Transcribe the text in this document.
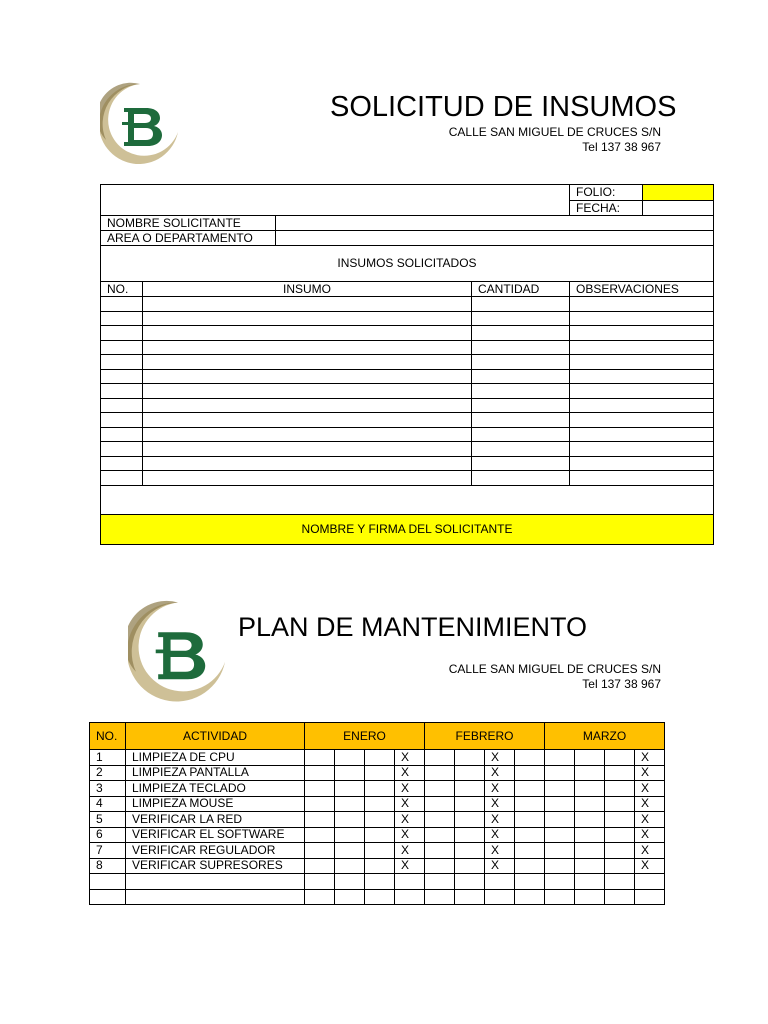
SOLICITUD DE INSUMOS
CALLE SAN MIGUEL DE CRUCES S/N
Tel 137 38 967
				FOLIO:	
				FECHA:	
NOMBRE SOLICITANTE					
AREA O DEPARTAMENTO					
INSUMOS SOLICITADOS					
NO.	INSUMO		CANTIDAD	OBSERVACIONES	

NOMBRE Y FIRMA DEL SOLICITANTE					
PLAN DE MANTENIMIENTO
CALLE SAN MIGUEL DE CRUCES S/N
Tel 137 38 967
NO.	ACTIVIDAD	ENERO				FEBRERO				MARZO			
1	LIMPIEZA DE CPU				X			X					X
2	LIMPIEZA PANTALLA				X			X					X
3	LIMPIEZA TECLADO				X			X					X
4	LIMPIEZA MOUSE				X			X					X
5	VERIFICAR LA RED				X			X					X
6	VERIFICAR EL SOFTWARE				X			X					X
7	VERIFICAR REGULADOR				X			X					X
8	VERIFICAR SUPRESORES				X			X					X
